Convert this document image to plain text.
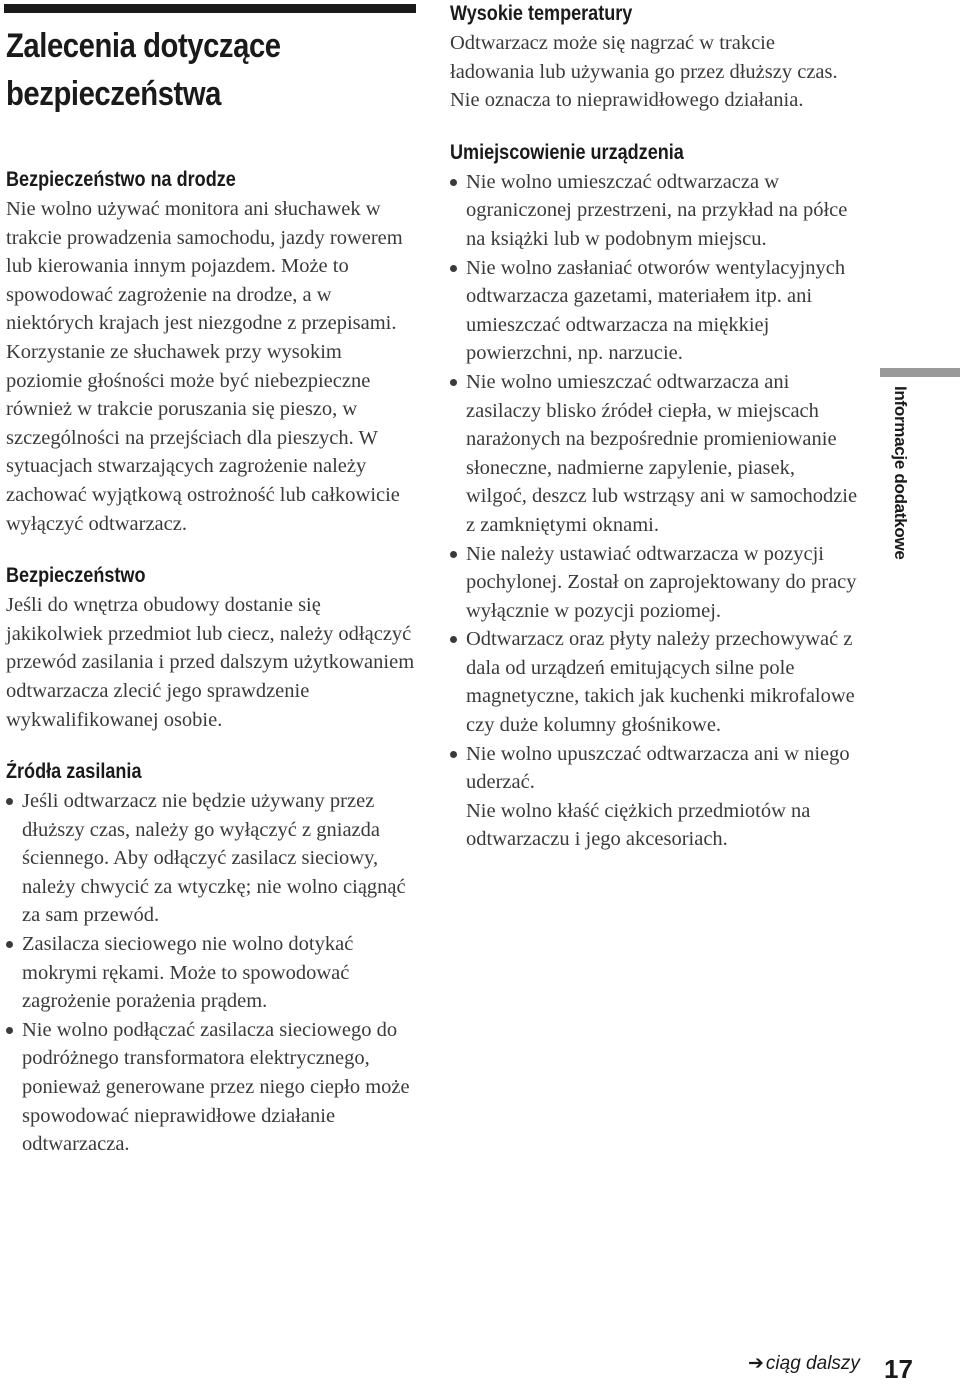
Zalecenia dotyczące bezpieczeństwa
Bezpieczeństwo na drodze

Nie wolno używać monitora ani słuchawek w trakcie prowadzenia samochodu, jazdy rowerem lub kierowania innym pojazdem. Może to spowodować zagrożenie na drodze, a w niektórych krajach jest niezgodne z przepisami. Korzystanie ze słuchawek przy wysokim poziomie głośności może być niebezpieczne również w trakcie poruszania się pieszo, w szczególności na przejściach dla pieszych. W sytuacjach stwarzających zagrożenie należy zachować wyjątkową ostrożność lub całkowicie wyłączyć odtwarzacz.

Bezpieczeństwo

Jeśli do wnętrza obudowy dostanie się jakikolwiek przedmiot lub ciecz, należy odłączyć przewód zasilania i przed dalszym użytkowaniem odtwarzacza zlecić jego sprawdzenie wykwalifikowanej osobie.

Źródła zasilania
Jeśli odtwarzacz nie będzie używany przez dłuższy czas, należy go wyłączyć z gniazda ściennego. Aby odłączyć zasilacz sieciowy, należy chwycić za wtyczkę; nie wolno ciągnąć za sam przewód.
Zasilacza sieciowego nie wolno dotykać mokrymi rękami. Może to spowodować zagrożenie porażenia prądem.
Nie wolno podłączać zasilacza sieciowego do podróżnego transformatora elektrycznego, ponieważ generowane przez niego ciepło może spowodować nieprawidłowe działanie odtwarzacza.
Wysokie temperatury

Odtwarzacz może się nagrzać w trakcie ładowania lub używania go przez dłuższy czas. Nie oznacza to nieprawidłowego działania.

Umiejscowienie urządzenia
Nie wolno umieszczać odtwarzacza w ograniczonej przestrzeni, na przykład na półce na książki lub w podobnym miejscu.
Nie wolno zasłaniać otworów wentylacyjnych odtwarzacza gazetami, materiałem itp. ani umieszczać odtwarzacza na miękkiej powierzchni, np. narzucie.
Nie wolno umieszczać odtwarzacza ani zasilaczy blisko źródeł ciepła, w miejscach narażonych na bezpośrednie promieniowanie słoneczne, nadmierne zapylenie, piasek, wilgoć, deszcz lub wstrząsy ani w samochodzie z zamkniętymi oknami.
Nie należy ustawiać odtwarzacza w pozycji pochylonej. Został on zaprojektowany do pracy wyłącznie w pozycji poziomej.
Odtwarzacz oraz płyty należy przechowywać z dala od urządzeń emitujących silne pole magnetyczne, takich jak kuchenki mikrofalowe czy duże kolumny głośnikowe.
Nie wolno upuszczać odtwarzacza ani w niego uderzać.
Nie wolno kłaść ciężkich przedmiotów na odtwarzaczu i jego akcesoriach.
Informacje dodatkowe
➔ ciąg dalszy 17
